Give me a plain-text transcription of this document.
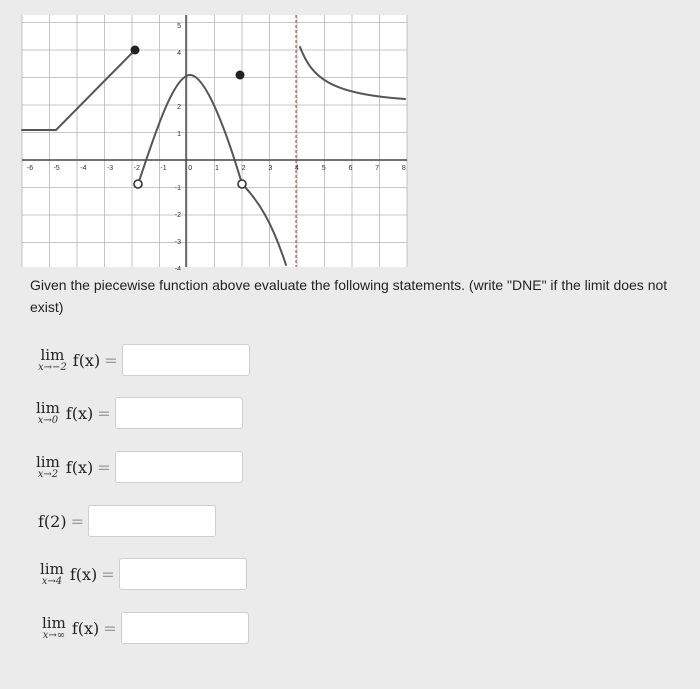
-6	-5	-4	-3	-2	-1	0	1	2	3	4	5	6	7	8
5
4
2
1
-1
-2
-3
-4
Given the piecewise function above evaluate the following statements. (write "DNE" if the limit does not exist)
lim
x→−2 f(x) =
lim
x→0 f(x) =
lim
x→2 f(x) =
f(2) =
lim
x→4 f(x) =
lim
x→∞ f(x) =
